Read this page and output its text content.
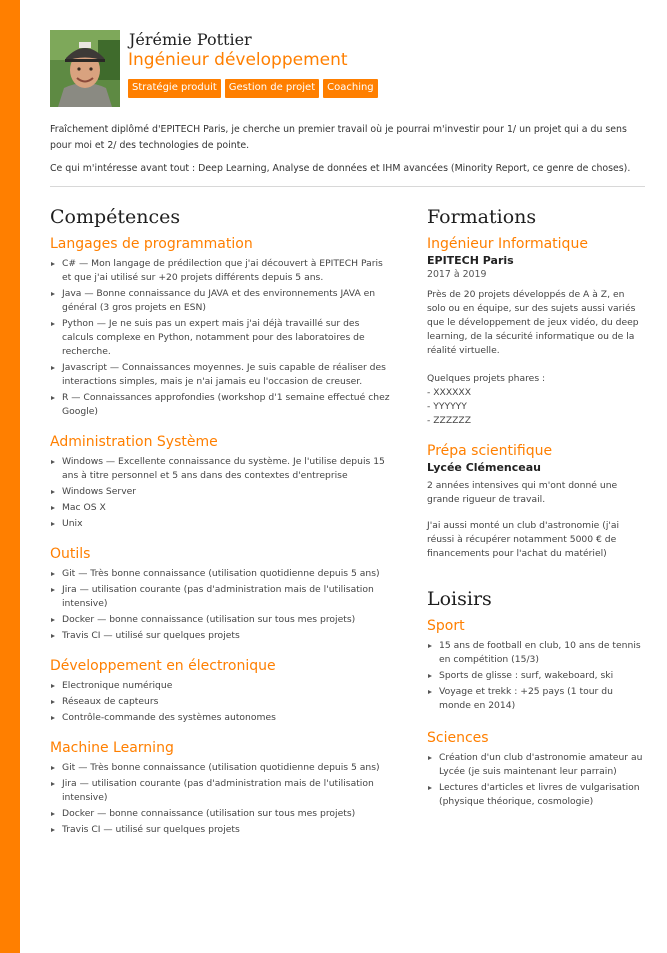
Jérémie Pottier
Ingénieur développement
Stratégie produit	Gestion de projet	Coaching

Fraîchement diplômé d'EPITECH Paris, je cherche un premier travail où je pourrai m'investir pour 1/ un projet qui a du sens pour moi et 2/ des technologies de pointe.

Ce qui m'intéresse avant tout : Deep Learning, Analyse de données et IHM avancées (Minority Report, ce genre de choses).

Compétences
Langages de programmation
C# — Mon langage de prédilection que j'ai découvert à EPITECH Paris et que j'ai utilisé sur +20 projets différents depuis 5 ans.
Java — Bonne connaissance du JAVA et des environnements JAVA en général (3 gros projets en ESN)
Python — Je ne suis pas un expert mais j'ai déjà travaillé sur des calculs complexe en Python, notamment pour des laboratoires de recherche.
Javascript — Connaissances moyennes. Je suis capable de réaliser des interactions simples, mais je n'ai jamais eu l'occasion de creuser.
R — Connaissances approfondies (workshop d'1 semaine effectué chez Google)
Administration Système
Windows — Excellente connaissance du système. Je l'utilise depuis 15 ans à titre personnel et 5 ans dans des contextes d'entreprise
Windows Server
Mac OS X
Unix
Outils
Git — Très bonne connaissance (utilisation quotidienne depuis 5 ans)
Jira — utilisation courante (pas d'administration mais de l'utilisation intensive)
Docker — bonne connaissance (utilisation sur tous mes projets)
Travis CI — utilisé sur quelques projets
Développement en électronique
Electronique numérique
Réseaux de capteurs
Contrôle-commande des systèmes autonomes
Machine Learning
Git — Très bonne connaissance (utilisation quotidienne depuis 5 ans)
Jira — utilisation courante (pas d'administration mais de l'utilisation intensive)
Docker — bonne connaissance (utilisation sur tous mes projets)
Travis CI — utilisé sur quelques projets
Formations
Ingénieur Informatique
EPITECH Paris
2017 à 2019
Près de 20 projets développés de A à Z, en solo ou en équipe, sur des sujets aussi variés que le développement de jeux vidéo, du deep learning, de la sécurité informatique ou de la réalité virtuelle.
Quelques projets phares :
- XXXXXX
- YYYYYY
- ZZZZZZ
Prépa scientifique
Lycée Clémenceau
2 années intensives qui m'ont donné une grande rigueur de travail.
J'ai aussi monté un club d'astronomie (j'ai réussi à récupérer notamment 5000 € de financements pour l'achat du matériel)
Loisirs
Sport
15 ans de football en club, 10 ans de tennis en compétition (15/3)
Sports de glisse : surf, wakeboard, ski
Voyage et trekk : +25 pays (1 tour du monde en 2014)
Sciences
Création d'un club d'astronomie amateur au Lycée (je suis maintenant leur parrain)
Lectures d'articles et livres de vulgarisation (physique théorique, cosmologie)
